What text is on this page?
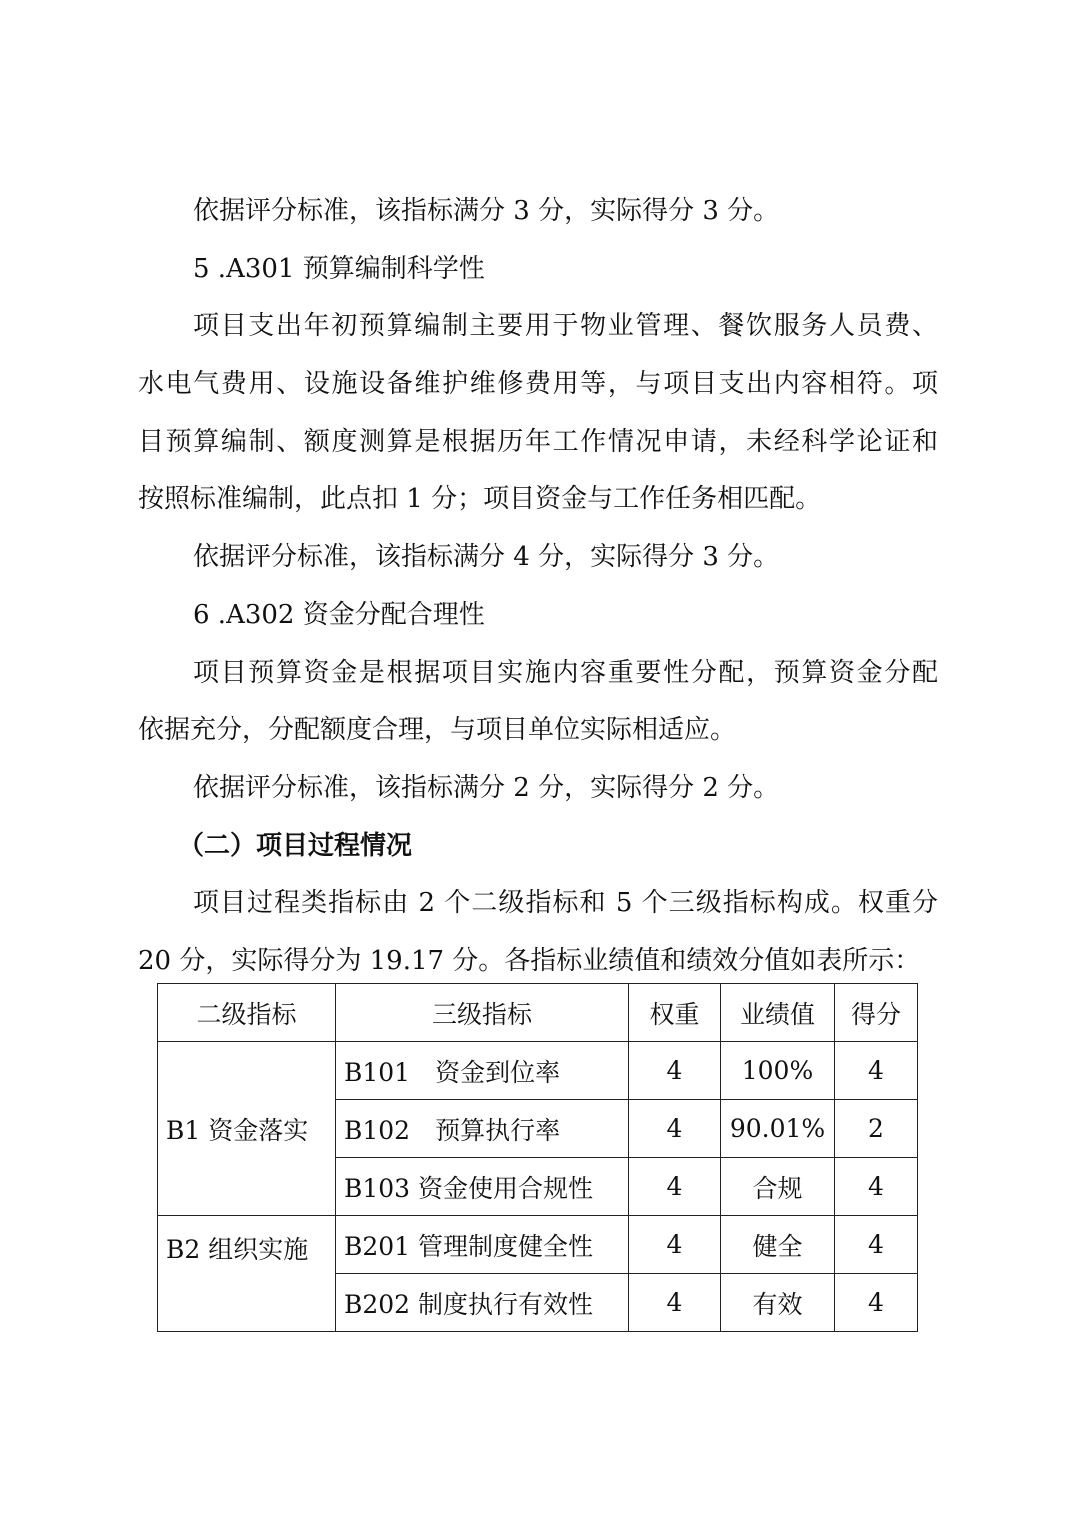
依据评分标准，该指标满分 3 分，实际得分 3 分。
5 .A301 预算编制科学性
项目支出年初预算编制主要用于物业管理、餐饮服务人员费、
水电气费用、设施设备维护维修费用等，与项目支出内容相符。项
目预算编制、额度测算是根据历年工作情况申请，未经科学论证和
按照标准编制，此点扣 1 分；项目资金与工作任务相匹配。
依据评分标准，该指标满分 4 分，实际得分 3 分。
6 .A302 资金分配合理性
项目预算资金是根据项目实施内容重要性分配，预算资金分配
依据充分，分配额度合理，与项目单位实际相适应。
依据评分标准，该指标满分 2 分，实际得分 2 分。
（二）项目过程情况
项目过程类指标由 2 个二级指标和 5 个三级指标构成。权重分
20 分，实际得分为 19.17 分。各指标业绩值和绩效分值如表所示：
二级指标	三级指标	权重	业绩值	得分
B1 资金落实	B101　资金到位率	4	100%	4
	B102　预算执行率	4	90.01%	2
	B103 资金使用合规性	4	合规	4
B2 组织实施	B201 管理制度健全性	4	健全	4
	B202 制度执行有效性	4	有效	4
